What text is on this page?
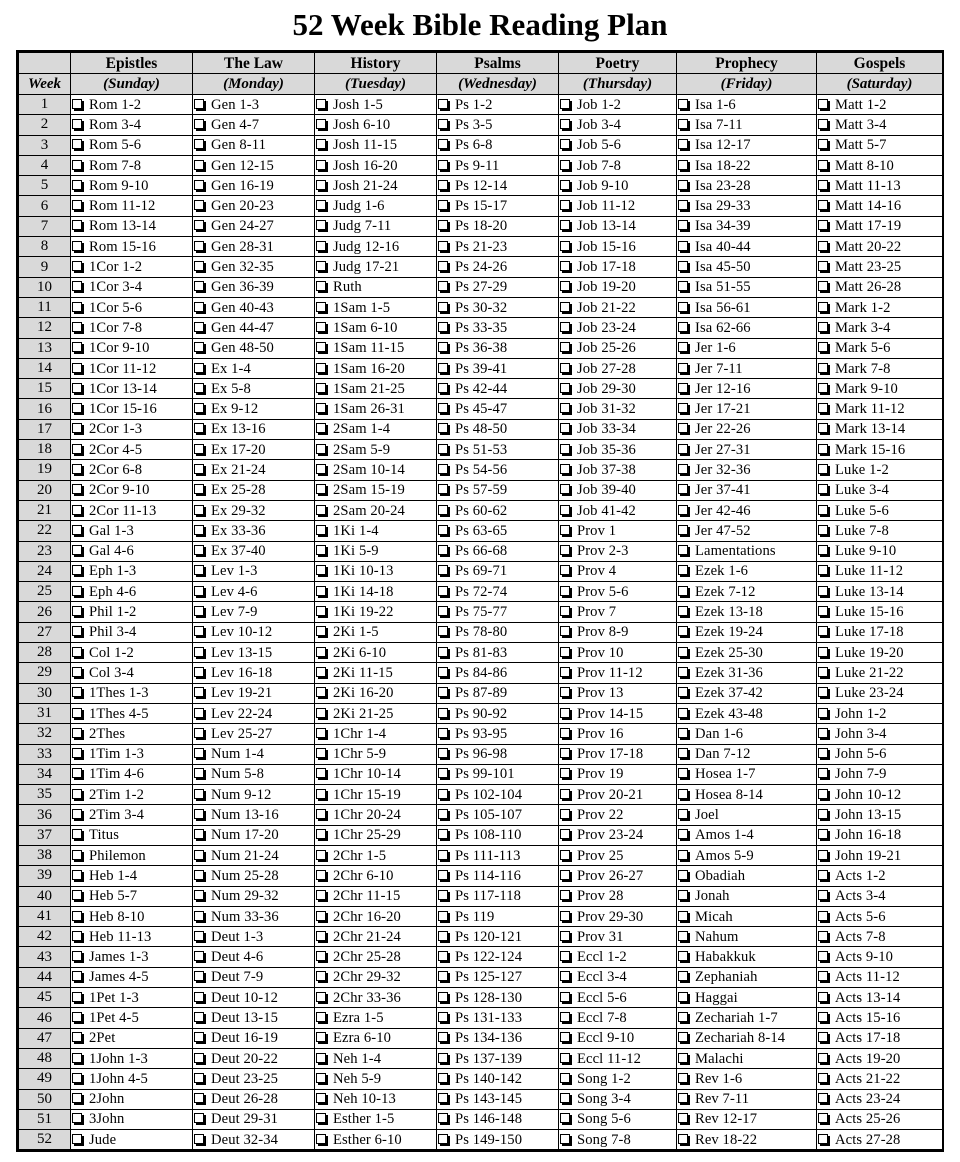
52 Week Bible Reading Plan
	Epistles	The Law	History	Psalms	Poetry	Prophecy	Gospels
Week	(Sunday)	(Monday)	(Tuesday)	(Wednesday)	(Thursday)	(Friday)	(Saturday)
1	Rom 1-2	Gen 1-3	Josh 1-5	Ps 1-2	Job 1-2	Isa 1-6	Matt 1-2

2	Rom 3-4	Gen 4-7	Josh 6-10	Ps 3-5	Job 3-4	Isa 7-11	Matt 3-4

3	Rom 5-6	Gen 8-11	Josh 11-15	Ps 6-8	Job 5-6	Isa 12-17	Matt 5-7

4	Rom 7-8	Gen 12-15	Josh 16-20	Ps 9-11	Job 7-8	Isa 18-22	Matt 8-10

5	Rom 9-10	Gen 16-19	Josh 21-24	Ps 12-14	Job 9-10	Isa 23-28	Matt 11-13

6	Rom 11-12	Gen 20-23	Judg 1-6	Ps 15-17	Job 11-12	Isa 29-33	Matt 14-16

7	Rom 13-14	Gen 24-27	Judg 7-11	Ps 18-20	Job 13-14	Isa 34-39	Matt 17-19

8	Rom 15-16	Gen 28-31	Judg 12-16	Ps 21-23	Job 15-16	Isa 40-44	Matt 20-22

9	1Cor 1-2	Gen 32-35	Judg 17-21	Ps 24-26	Job 17-18	Isa 45-50	Matt 23-25

10	1Cor 3-4	Gen 36-39	Ruth	Ps 27-29	Job 19-20	Isa 51-55	Matt 26-28

11	1Cor 5-6	Gen 40-43	1Sam 1-5	Ps 30-32	Job 21-22	Isa 56-61	Mark 1-2

12	1Cor 7-8	Gen 44-47	1Sam 6-10	Ps 33-35	Job 23-24	Isa 62-66	Mark 3-4

13	1Cor 9-10	Gen 48-50	1Sam 11-15	Ps 36-38	Job 25-26	Jer 1-6	Mark 5-6

14	1Cor 11-12	Ex 1-4	1Sam 16-20	Ps 39-41	Job 27-28	Jer 7-11	Mark 7-8

15	1Cor 13-14	Ex 5-8	1Sam 21-25	Ps 42-44	Job 29-30	Jer 12-16	Mark 9-10

16	1Cor 15-16	Ex 9-12	1Sam 26-31	Ps 45-47	Job 31-32	Jer 17-21	Mark 11-12

17	2Cor 1-3	Ex 13-16	2Sam 1-4	Ps 48-50	Job 33-34	Jer 22-26	Mark 13-14

18	2Cor 4-5	Ex 17-20	2Sam 5-9	Ps 51-53	Job 35-36	Jer 27-31	Mark 15-16

19	2Cor 6-8	Ex 21-24	2Sam 10-14	Ps 54-56	Job 37-38	Jer 32-36	Luke 1-2

20	2Cor 9-10	Ex 25-28	2Sam 15-19	Ps 57-59	Job 39-40	Jer 37-41	Luke 3-4

21	2Cor 11-13	Ex 29-32	2Sam 20-24	Ps 60-62	Job 41-42	Jer 42-46	Luke 5-6

22	Gal 1-3	Ex 33-36	1Ki 1-4	Ps 63-65	Prov 1	Jer 47-52	Luke 7-8

23	Gal 4-6	Ex 37-40	1Ki 5-9	Ps 66-68	Prov 2-3	Lamentations	Luke 9-10

24	Eph 1-3	Lev 1-3	1Ki 10-13	Ps 69-71	Prov 4	Ezek 1-6	Luke 11-12

25	Eph 4-6	Lev 4-6	1Ki 14-18	Ps 72-74	Prov 5-6	Ezek 7-12	Luke 13-14

26	Phil 1-2	Lev 7-9	1Ki 19-22	Ps 75-77	Prov 7	Ezek 13-18	Luke 15-16

27	Phil 3-4	Lev 10-12	2Ki 1-5	Ps 78-80	Prov 8-9	Ezek 19-24	Luke 17-18

28	Col 1-2	Lev 13-15	2Ki 6-10	Ps 81-83	Prov 10	Ezek 25-30	Luke 19-20

29	Col 3-4	Lev 16-18	2Ki 11-15	Ps 84-86	Prov 11-12	Ezek 31-36	Luke 21-22

30	1Thes 1-3	Lev 19-21	2Ki 16-20	Ps 87-89	Prov 13	Ezek 37-42	Luke 23-24

31	1Thes 4-5	Lev 22-24	2Ki 21-25	Ps 90-92	Prov 14-15	Ezek 43-48	John 1-2

32	2Thes	Lev 25-27	1Chr 1-4	Ps 93-95	Prov 16	Dan 1-6	John 3-4

33	1Tim 1-3	Num 1-4	1Chr 5-9	Ps 96-98	Prov 17-18	Dan 7-12	John 5-6

34	1Tim 4-6	Num 5-8	1Chr 10-14	Ps 99-101	Prov 19	Hosea 1-7	John 7-9

35	2Tim 1-2	Num 9-12	1Chr 15-19	Ps 102-104	Prov 20-21	Hosea 8-14	John 10-12

36	2Tim 3-4	Num 13-16	1Chr 20-24	Ps 105-107	Prov 22	Joel	John 13-15

37	Titus	Num 17-20	1Chr 25-29	Ps 108-110	Prov 23-24	Amos 1-4	John 16-18

38	Philemon	Num 21-24	2Chr 1-5	Ps 111-113	Prov 25	Amos 5-9	John 19-21

39	Heb 1-4	Num 25-28	2Chr 6-10	Ps 114-116	Prov 26-27	Obadiah	Acts 1-2

40	Heb 5-7	Num 29-32	2Chr 11-15	Ps 117-118	Prov 28	Jonah	Acts 3-4

41	Heb 8-10	Num 33-36	2Chr 16-20	Ps 119	Prov 29-30	Micah	Acts 5-6

42	Heb 11-13	Deut 1-3	2Chr 21-24	Ps 120-121	Prov 31	Nahum	Acts 7-8

43	James 1-3	Deut 4-6	2Chr 25-28	Ps 122-124	Eccl 1-2	Habakkuk	Acts 9-10

44	James 4-5	Deut 7-9	2Chr 29-32	Ps 125-127	Eccl 3-4	Zephaniah	Acts 11-12

45	1Pet 1-3	Deut 10-12	2Chr 33-36	Ps 128-130	Eccl 5-6	Haggai	Acts 13-14

46	1Pet 4-5	Deut 13-15	Ezra 1-5	Ps 131-133	Eccl 7-8	Zechariah 1-7	Acts 15-16

47	2Pet	Deut 16-19	Ezra 6-10	Ps 134-136	Eccl 9-10	Zechariah 8-14	Acts 17-18

48	1John 1-3	Deut 20-22	Neh 1-4	Ps 137-139	Eccl 11-12	Malachi	Acts 19-20

49	1John 4-5	Deut 23-25	Neh 5-9	Ps 140-142	Song 1-2	Rev 1-6	Acts 21-22

50	2John	Deut 26-28	Neh 10-13	Ps 143-145	Song 3-4	Rev 7-11	Acts 23-24

51	3John	Deut 29-31	Esther 1-5	Ps 146-148	Song 5-6	Rev 12-17	Acts 25-26

52	Jude	Deut 32-34	Esther 6-10	Ps 149-150	Song 7-8	Rev 18-22	Acts 27-28
